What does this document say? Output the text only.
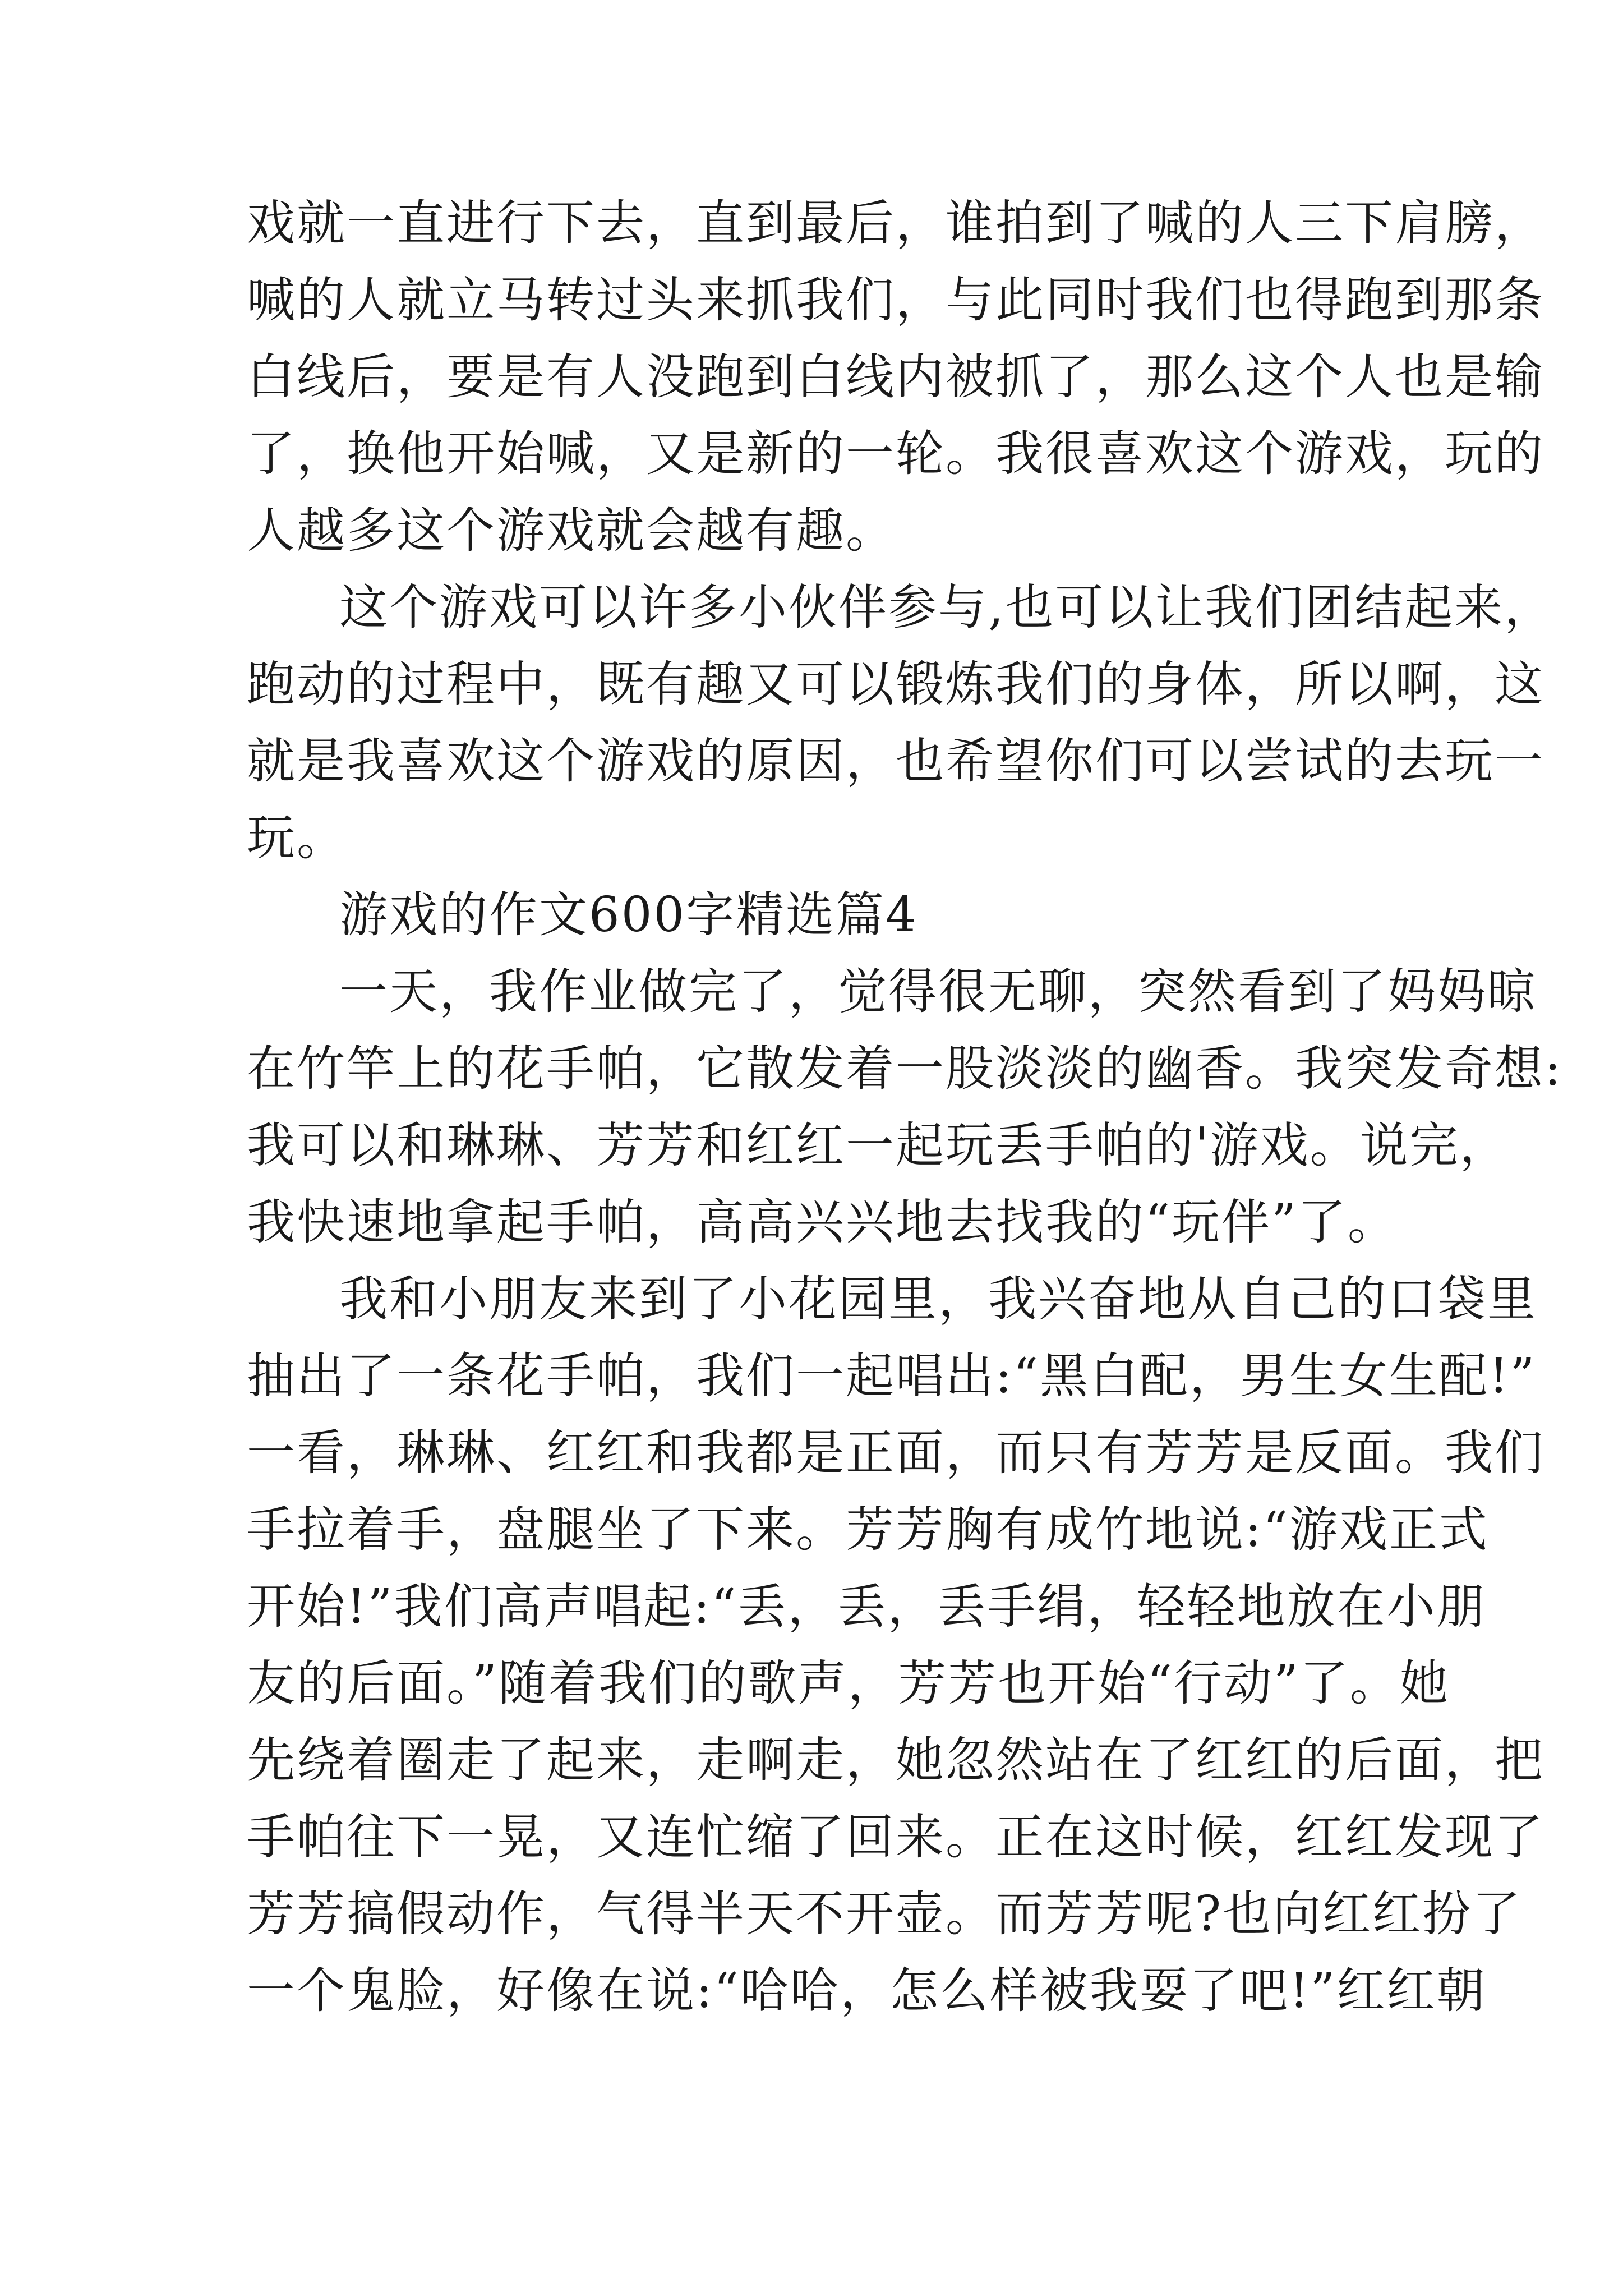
戏就一直进行下去，直到最后，谁拍到了喊的人三下肩膀，
喊的人就立马转过头来抓我们，与此同时我们也得跑到那条
白线后，要是有人没跑到白线内被抓了，那么这个人也是输
了，换他开始喊，又是新的一轮。我很喜欢这个游戏，玩的
人越多这个游戏就会越有趣。
这个游戏可以许多小伙伴参与,也可以让我们团结起来，
跑动的过程中，既有趣又可以锻炼我们的身体，所以啊，这
就是我喜欢这个游戏的原因，也希望你们可以尝试的去玩一
玩。
游戏的作文600字精选篇4
一天，我作业做完了，觉得很无聊，突然看到了妈妈晾
在竹竿上的花手帕，它散发着一股淡淡的幽香。我突发奇想:
我可以和琳琳、芳芳和红红一起玩丢手帕的'游戏。说完，
我快速地拿起手帕，高高兴兴地去找我的“玩伴”了。
我和小朋友来到了小花园里，我兴奋地从自己的口袋里
抽出了一条花手帕，我们一起唱出:“黑白配，男生女生配!”
一看，琳琳、红红和我都是正面，而只有芳芳是反面。我们
手拉着手，盘腿坐了下来。芳芳胸有成竹地说:“游戏正式
开始!”我们高声唱起:“丢，丢，丢手绢，轻轻地放在小朋
友的后面。”随着我们的歌声，芳芳也开始“行动”了。她
先绕着圈走了起来，走啊走，她忽然站在了红红的后面，把
手帕往下一晃，又连忙缩了回来。正在这时候，红红发现了
芳芳搞假动作，气得半天不开壶。而芳芳呢?也向红红扮了
一个鬼脸，好像在说:“哈哈，怎么样被我耍了吧!”红红朝
